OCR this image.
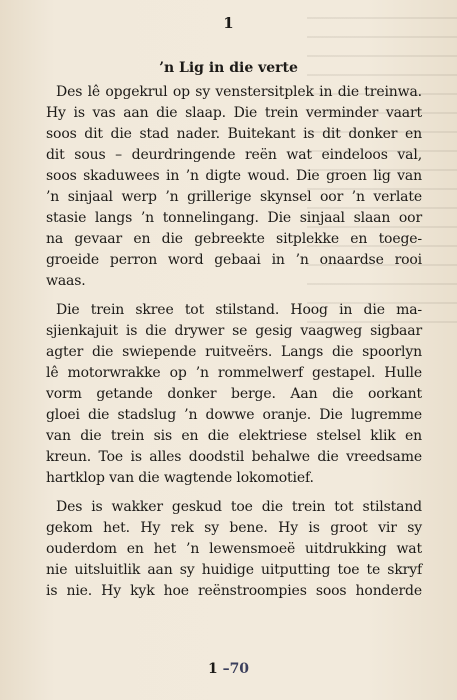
1
’n Lig in die verte
Des lê opgekrul op sy venstersitplek in die treinwa.
Hy is vas aan die slaap. Die trein verminder vaart
soos dit die stad nader. Buitekant is dit donker en
dit sous – deurdringende reën wat eindeloos val,
soos skaduwees in ’n digte woud. Die groen lig van
’n sinjaal werp ’n grillerige skynsel oor ’n verlate
stasie langs ’n tonnelingang. Die sinjaal slaan oor
na gevaar en die gebreekte sitplekke en toege-
groeide perron word gebaai in ’n onaardse rooi
waas.
Die trein skree tot stilstand. Hoog in die ma-
sjienkajuit is die drywer se gesig vaagweg sigbaar
agter die swiepende ruitveërs. Langs die spoorlyn
lê motorwrakke op ’n rommelwerf gestapel. Hulle
vorm getande donker berge. Aan die oorkant
gloei die stadslug ’n dowwe oranje. Die lugremme
van die trein sis en die elektriese stelsel klik en
kreun. Toe is alles doodstil behalwe die vreedsame
hartklop van die wagtende lokomotief.
Des is wakker geskud toe die trein tot stilstand
gekom het. Hy rek sy bene. Hy is groot vir sy
ouderdom en het ’n lewensmoeë uitdrukking wat
nie uitsluitlik aan sy huidige uitputting toe te skryf
is nie. Hy kyk hoe reënstroompies soos honderde
1 –70
